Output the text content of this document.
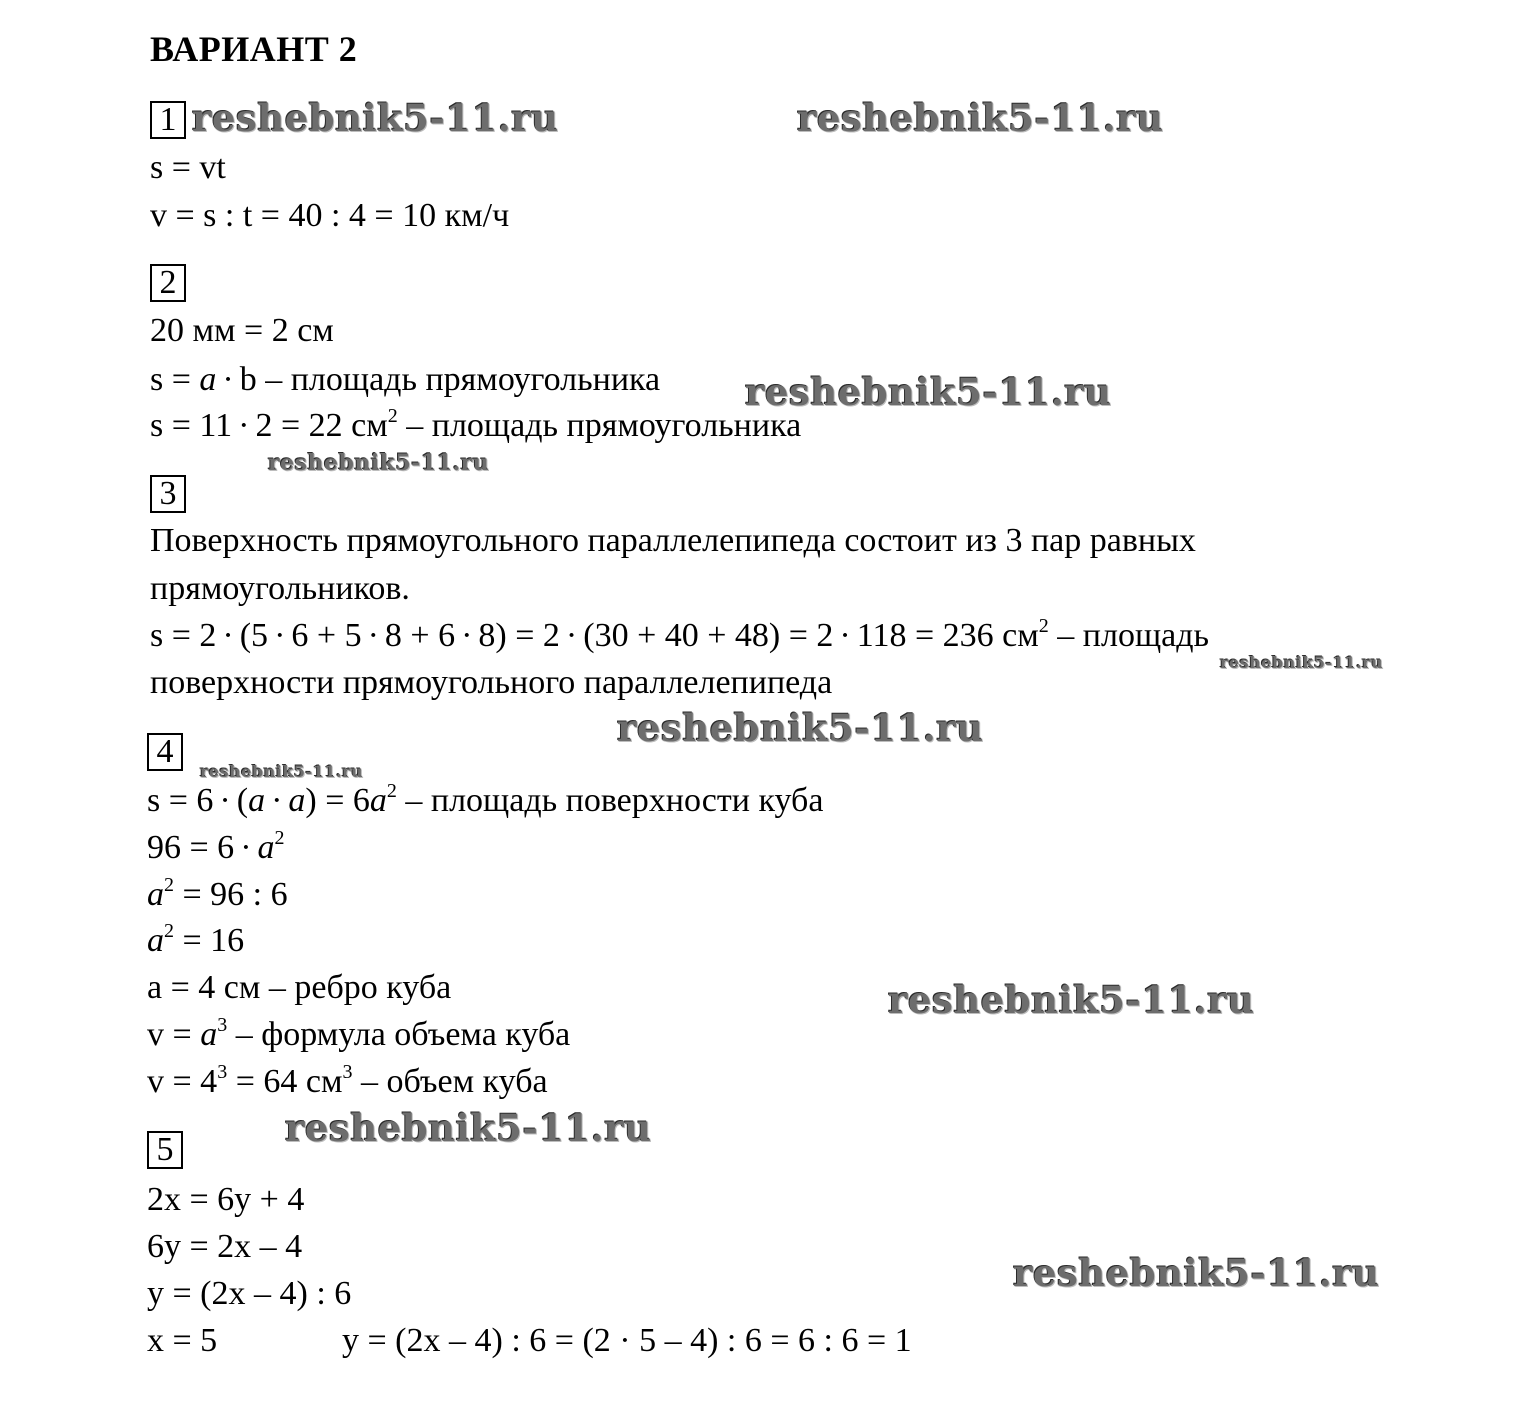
ВАРИАНТ 2
1 reshebnik5-11.ru	reshebnik5-11.ru
s = vt
v = s : t = 40 : 4 = 10 км/ч
2
20 мм = 2 см
s = a · b – площадь прямоугольника reshebnik5-11.ru
s = 11 · 2 = 22 $см^2$ – площадь прямоугольника
reshebnik5-11.ru
3
Поверхность прямоугольного параллелепипеда состоит из 3 пар равных
прямоугольников.
s = 2 · (5 · 6 + 5 · 8 + 6 · 8) = 2 · (30 + 40 + 48) = 2 · 118 = 236 $см^2$ – площадь
reshebnik5-11.ru
поверхности прямоугольного параллелепипеда
reshebnik5-11.ru
4
reshebnik5-11.ru
$s = 6 \cdot (a \cdot a) = 6a^2$ – площадь поверхности куба
$96 = 6 \cdot a^2$
$a^2 = 96$ : 6
$a^2 = 16$
a = 4 см – ребро куба	reshebnik5-11.ru
$v = a^3$ – формула объема куба
$v = 4^3 = 64$ $см^3$ – объем куба
reshebnik5-11.ru
5
2x = 6y + 4
6y = 2x – 4
reshebnik5-11.ru
y = (2x – 4) : 6
x = 5	y = (2x – 4) : 6 = (2 · 5 – 4) : 6 = 6 : 6 = 1
